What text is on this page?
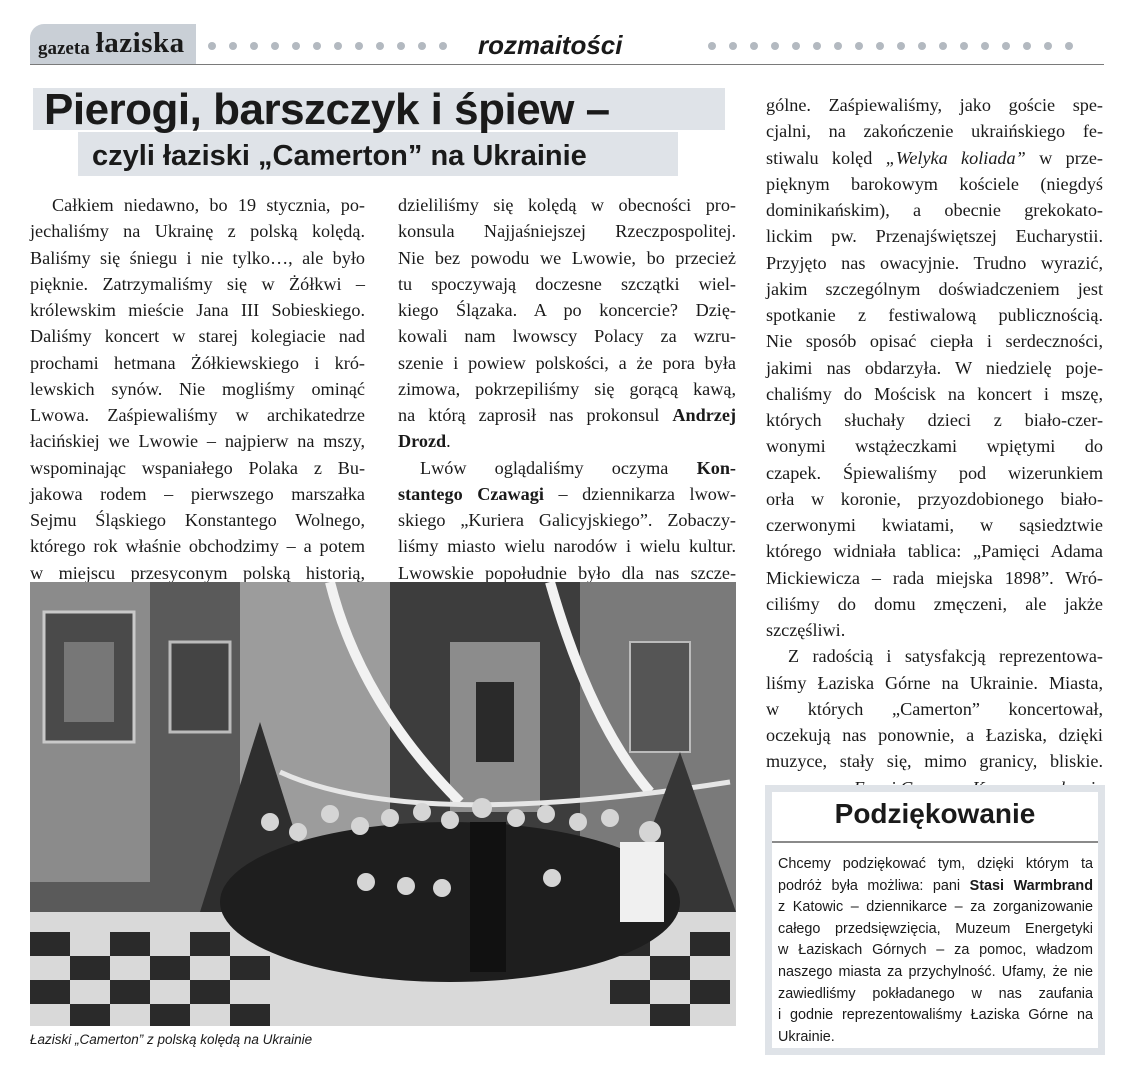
gazeta łaziska	rozmaitości
Pierogi, barszczyk i śpiew –
czyli łaziski „Camerton” na Ukrainie
Całkiem niedawno, bo 19 stycznia, po-
jechaliśmy na Ukrainę z polską kolędą.
Baliśmy się śniegu i nie tylko…, ale było
pięknie. Zatrzymaliśmy się w Żółkwi –
królewskim mieście Jana III Sobieskiego.
Daliśmy koncert w starej kolegiacie nad
prochami hetmana Żółkiewskiego i kró-
lewskich synów. Nie mogliśmy ominąć
Lwowa. Zaśpiewaliśmy w archikatedrze
łacińskiej we Lwowie – najpierw na mszy,
wspominając wspaniałego Polaka z Bu-
jakowa rodem – pierwszego marszałka
Sejmu Śląskiego Konstantego Wolnego,
którego rok właśnie obchodzimy – a potem
w miejscu przesyconym polską historią,
dzieliliśmy się kolędą w obecności pro-
konsula Najjaśniejszej Rzeczpospolitej.
Nie bez powodu we Lwowie, bo przecież
tu spoczywają doczesne szczątki wiel-
kiego Ślązaka. A po koncercie? Dzię-
kowali nam lwowscy Polacy za wzru-
szenie i powiew polskości, a że pora była
zimowa, pokrzepiliśmy się gorącą kawą,
na którą zaprosił nas prokonsul Andrzej
Drozd.
Lwów oglądaliśmy oczyma Kon-
stantego Czawagi – dziennikarza lwow-
skiego „Kuriera Galicyjskiego”. Zobaczy-
liśmy miasto wielu narodów i wielu kultur.
Lwowskie popołudnie było dla nas szcze-
gólne. Zaśpiewaliśmy, jako goście spe-
cjalni, na zakończenie ukraińskiego fe-
stiwalu kolęd „Welyka koliada” w prze-
pięknym barokowym kościele (niegdyś
dominikańskim), a obecnie grekokato-
lickim pw. Przenajświętszej Eucharystii.
Przyjęto nas owacyjnie. Trudno wyrazić,
jakim szczególnym doświadczeniem jest
spotkanie z festiwalową publicznością.
Nie sposób opisać ciepła i serdeczności,
jakimi nas obdarzyła. W niedzielę poje-
chaliśmy do Mościsk na koncert i mszę,
których słuchały dzieci z biało-czer-
wonymi wstążeczkami wpiętymi do
czapek. Śpiewaliśmy pod wizerunkiem
orła w koronie, przyozdobionego biało-
czerwonymi kwiatami, w sąsiedztwie
którego widniała tablica: „Pamięci Adama
Mickiewicza – rada miejska 1898”. Wró-
ciliśmy do domu zmęczeni, ale jakże
szczęśliwi.
Z radością i satysfakcją reprezentowa-
liśmy Łaziska Górne na Ukrainie. Miasta,
w których „Camerton” koncertował,
oczekują nas ponownie, a Łaziska, dzięki
muzyce, stały się, mimo granicy, bliskie.
Łaziski „Camerton” z polską kolędą na Ukrainie
Podziękowanie
Chcemy podziękować tym, dzięki którym ta
podróż była możliwa: pani Stasi Warmbrand
z Katowic – dziennikarce – za zorganizowanie
całego przedsięwzięcia, Muzeum Energetyki
w Łaziskach Górnych – za pomoc, władzom
naszego miasta za przychylność. Ufamy, że nie
zawiedliśmy pokładanego w nas zaufania
i godnie reprezentowaliśmy Łaziska Górne na
Ukrainie.
